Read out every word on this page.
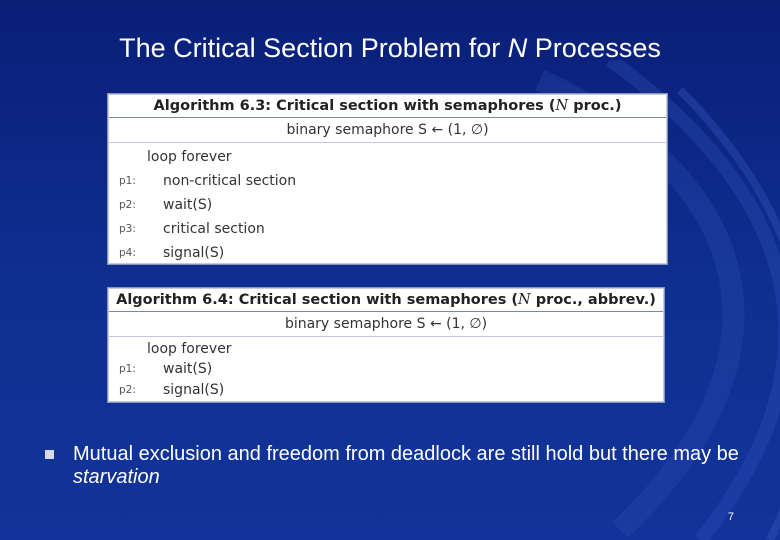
The Critical Section Problem for N Processes
Algorithm 6.3: Critical section with semaphores (N proc.)
binary semaphore S ← (1, ∅)
loop forever
p1: non-critical section
p2: wait(S)
p3: critical section
p4: signal(S)
Algorithm 6.4: Critical section with semaphores (N proc., abbrev.)
binary semaphore S ← (1, ∅)
loop forever
p1: wait(S)
p2: signal(S)
Mutual exclusion and freedom from deadlock are still hold but there may be starvation
7
